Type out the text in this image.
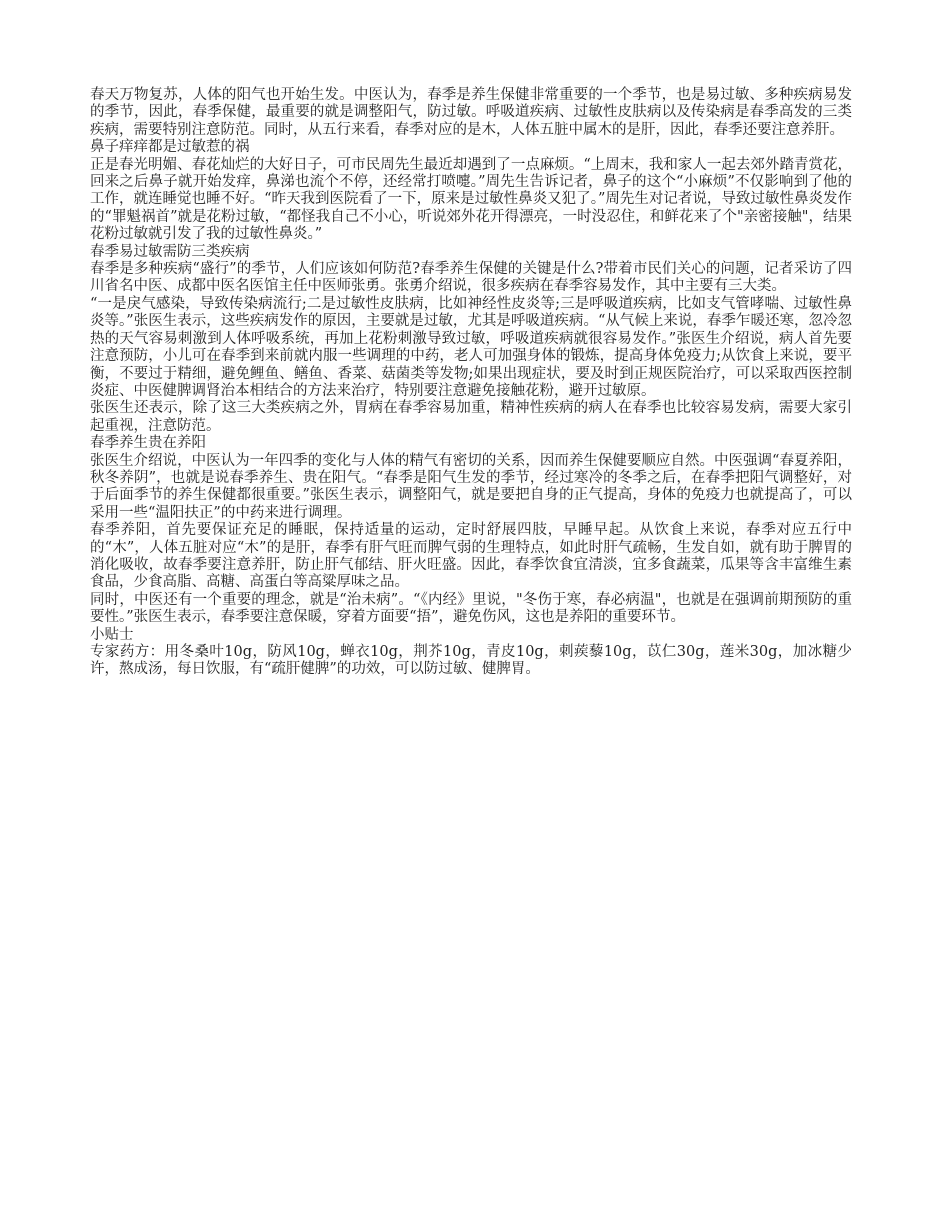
春天万物复苏，人体的阳气也开始生发。中医认为，春季是养生保健非常重要的一个季节，也是易过敏、多种疾病易发的季节，因此，春季保健，最重要的就是调整阳气，防过敏。呼吸道疾病、过敏性皮肤病以及传染病是春季高发的三类疾病，需要特别注意防范。同时，从五行来看，春季对应的是木，人体五脏中属木的是肝，因此，春季还要注意养肝。

鼻子痒痒都是过敏惹的祸

正是春光明媚、春花灿烂的大好日子，可市民周先生最近却遇到了一点麻烦。“上周末，我和家人一起去郊外踏青赏花，回来之后鼻子就开始发痒，鼻涕也流个不停，还经常打喷嚏。”周先生告诉记者，鼻子的这个“小麻烦”不仅影响到了他的工作，就连睡觉也睡不好。“昨天我到医院看了一下，原来是过敏性鼻炎又犯了。”周先生对记者说，导致过敏性鼻炎发作的“罪魁祸首”就是花粉过敏，“都怪我自己不小心，听说郊外花开得漂亮，一时没忍住，和鲜花来了个"亲密接触"，结果花粉过敏就引发了我的过敏性鼻炎。”

春季易过敏需防三类疾病

春季是多种疾病“盛行”的季节，人们应该如何防范?春季养生保健的关键是什么?带着市民们关心的问题，记者采访了四川省名中医、成都中医名医馆主任中医师张勇。张勇介绍说，很多疾病在春季容易发作，其中主要有三大类。

“一是戾气感染，导致传染病流行;二是过敏性皮肤病，比如神经性皮炎等;三是呼吸道疾病，比如支气管哮喘、过敏性鼻炎等。”张医生表示，这些疾病发作的原因，主要就是过敏，尤其是呼吸道疾病。“从气候上来说，春季乍暖还寒，忽冷忽热的天气容易刺激到人体呼吸系统，再加上花粉刺激导致过敏，呼吸道疾病就很容易发作。”张医生介绍说，病人首先要注意预防，小儿可在春季到来前就内服一些调理的中药，老人可加强身体的锻炼，提高身体免疫力;从饮食上来说，要平衡，不要过于精细，避免鲤鱼、鳝鱼、香菜、菇菌类等发物;如果出现症状，要及时到正规医院治疗，可以采取西医控制炎症、中医健脾调肾治本相结合的方法来治疗，特别要注意避免接触花粉，避开过敏原。

张医生还表示，除了这三大类疾病之外，胃病在春季容易加重，精神性疾病的病人在春季也比较容易发病，需要大家引起重视，注意防范。

春季养生贵在养阳

张医生介绍说，中医认为一年四季的变化与人体的精气有密切的关系，因而养生保健要顺应自然。中医强调“春夏养阳，秋冬养阴”，也就是说春季养生、贵在阳气。“春季是阳气生发的季节，经过寒冷的冬季之后，在春季把阳气调整好，对于后面季节的养生保健都很重要。”张医生表示，调整阳气，就是要把自身的正气提高，身体的免疫力也就提高了，可以采用一些“温阳扶正”的中药来进行调理。

春季养阳，首先要保证充足的睡眠，保持适量的运动，定时舒展四肢，早睡早起。从饮食上来说，春季对应五行中的“木”，人体五脏对应“木”的是肝，春季有肝气旺而脾气弱的生理特点，如此时肝气疏畅，生发自如，就有助于脾胃的消化吸收，故春季要注意养肝，防止肝气郁结、肝火旺盛。因此，春季饮食宜清淡，宜多食蔬菜，瓜果等含丰富维生素食品，少食高脂、高糖、高蛋白等高粱厚味之品。

同时，中医还有一个重要的理念，就是“治未病”。“《内经》里说，"冬伤于寒，春必病温"，也就是在强调前期预防的重要性。”张医生表示，春季要注意保暖，穿着方面要“捂”，避免伤风，这也是养阳的重要环节。

小贴士

专家药方：用冬桑叶10g，防风10g，蝉衣10g，荆芥10g，青皮10g，刺蒺藜10g，苡仁30g，莲米30g，加冰糖少许，熬成汤，每日饮服，有“疏肝健脾”的功效，可以防过敏、健脾胃。
